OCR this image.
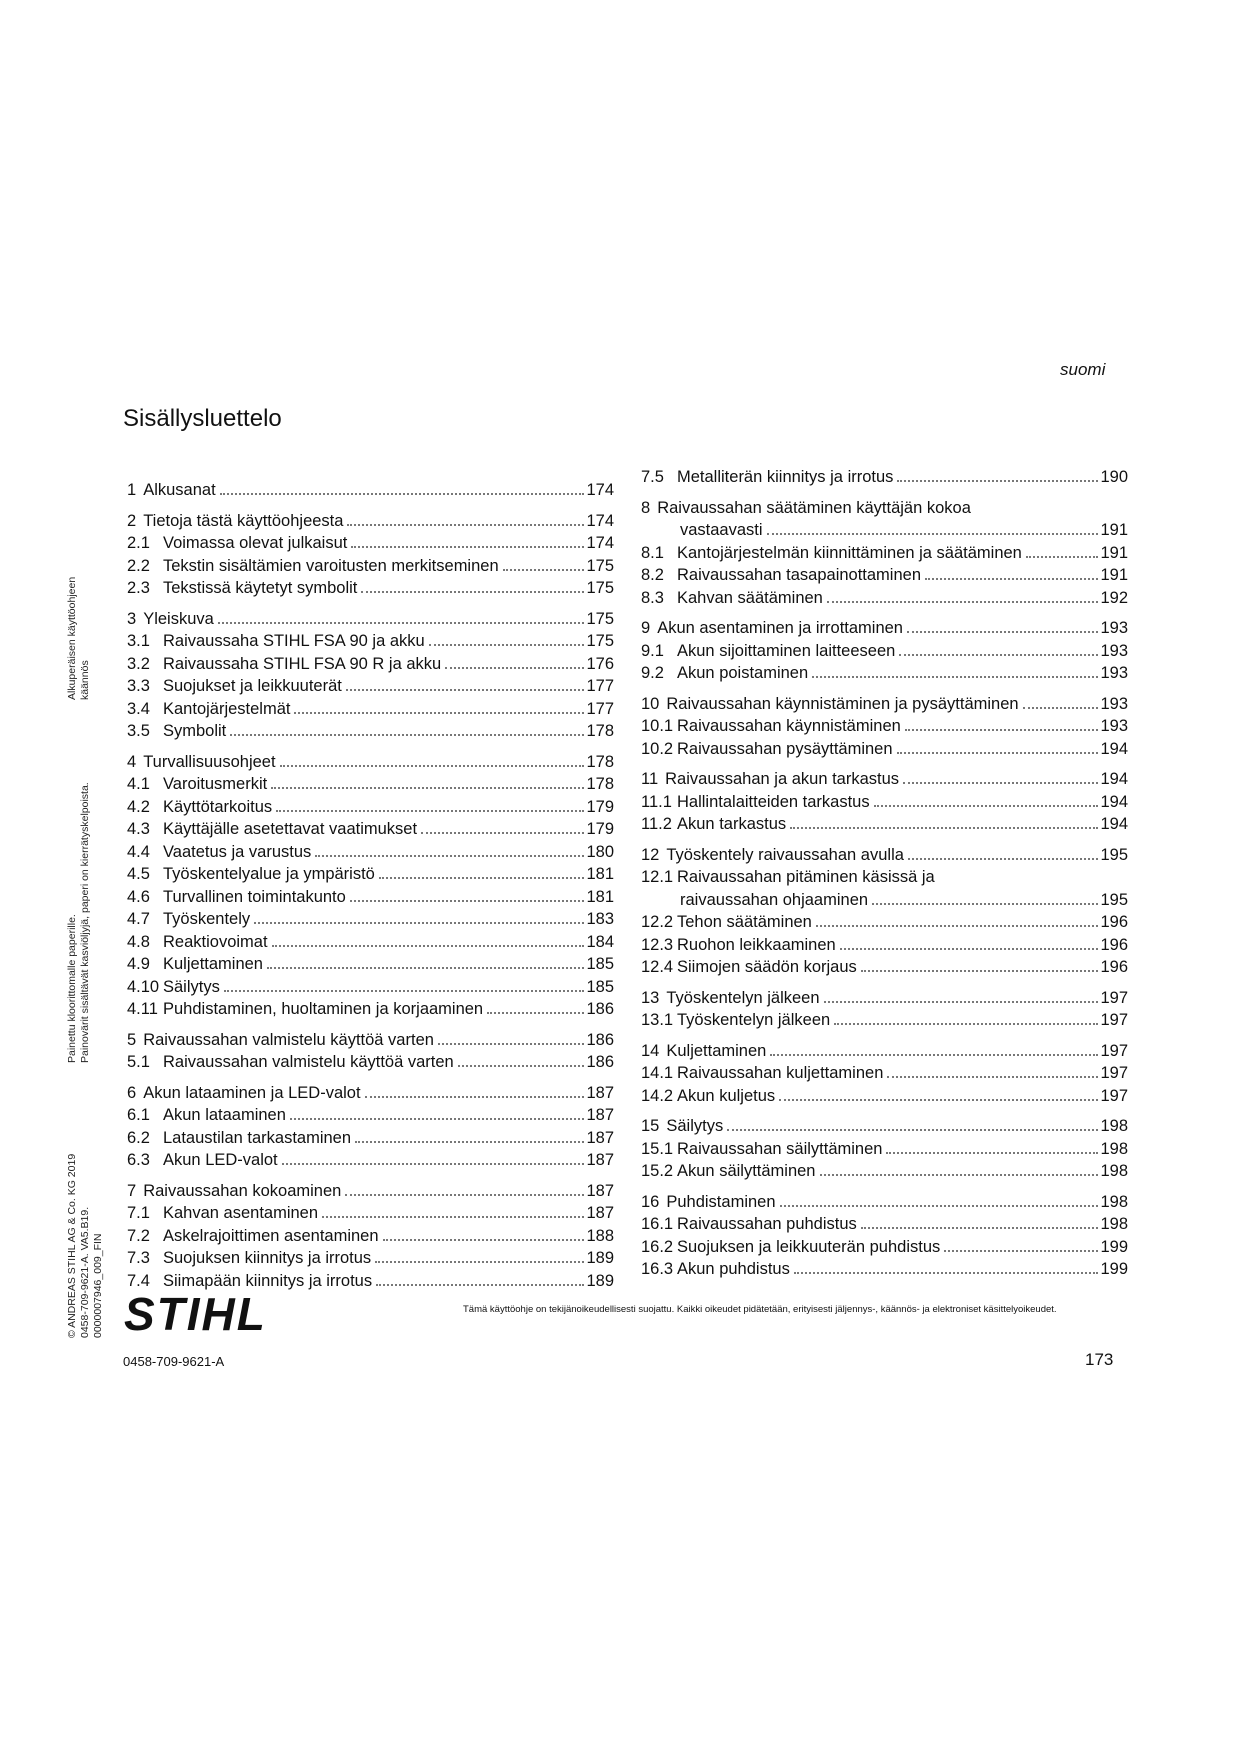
suomi
Sisällysluettelo
1 Alkusanat	174
2 Tietoja tästä käyttöohjeesta	174
2.1 Voimassa olevat julkaisut	174
2.2 Tekstin sisältämien varoitusten merkitseminen	175
2.3 Tekstissä käytetyt symbolit	175
3 Yleiskuva	175
3.1 Raivaussaha STIHL FSA 90 ja akku	175
3.2 Raivaussaha STIHL FSA 90 R ja akku	176
3.3 Suojukset ja leikkuuterät	177
3.4 Kantojärjestelmät	177
3.5 Symbolit	178
4 Turvallisuusohjeet	178
4.1 Varoitusmerkit	178
4.2 Käyttötarkoitus	179
4.3 Käyttäjälle asetettavat vaatimukset	179
4.4 Vaatetus ja varustus	180
4.5 Työskentelyalue ja ympäristö	181
4.6 Turvallinen toimintakunto	181
4.7 Työskentely	183
4.8 Reaktiovoimat	184
4.9 Kuljettaminen	185
4.10 Säilytys	185
4.11 Puhdistaminen, huoltaminen ja korjaaminen	186
5 Raivaussahan valmistelu käyttöä varten	186
5.1 Raivaussahan valmistelu käyttöä varten	186
6 Akun lataaminen ja LED-valot	187
6.1 Akun lataaminen	187
6.2 Lataustilan tarkastaminen	187
6.3 Akun LED-valot	187
7 Raivaussahan kokoaminen	187
7.1 Kahvan asentaminen	187
7.2 Askelrajoittimen asentaminen	188
7.3 Suojuksen kiinnitys ja irrotus	189
7.4 Siimapään kiinnitys ja irrotus	189
7.5 Metalliterän kiinnitys ja irrotus	190
8 Raivaussahan säätäminen käyttäjän kokoa
vastaavasti	191
8.1 Kantojärjestelmän kiinnittäminen ja säätäminen	191
8.2 Raivaussahan tasapainottaminen	191
8.3 Kahvan säätäminen	192
9 Akun asentaminen ja irrottaminen	193
9.1 Akun sijoittaminen laitteeseen	193
9.2 Akun poistaminen	193
10 Raivaussahan käynnistäminen ja pysäyttäminen	193
10.1 Raivaussahan käynnistäminen	193
10.2 Raivaussahan pysäyttäminen	194
11 Raivaussahan ja akun tarkastus	194
11.1 Hallintalaitteiden tarkastus	194
11.2 Akun tarkastus	194
12 Työskentely raivaussahan avulla	195
12.1 Raivaussahan pitäminen käsissä ja
raivaussahan ohjaaminen	195
12.2 Tehon säätäminen	196
12.3 Ruohon leikkaaminen	196
12.4 Siimojen säädön korjaus	196
13 Työskentelyn jälkeen	197
13.1 Työskentelyn jälkeen	197
14 Kuljettaminen	197
14.1 Raivaussahan kuljettaminen	197
14.2 Akun kuljetus	197
15 Säilytys	198
15.1 Raivaussahan säilyttäminen	198
15.2 Akun säilyttäminen	198
16 Puhdistaminen	198
16.1 Raivaussahan puhdistus	198
16.2 Suojuksen ja leikkuuterän puhdistus	199
16.3 Akun puhdistus	199
© ANDREAS STIHL AG & Co. KG 2019 0458-709-9621-A. VA5.B19. 0000007946_009_FIN
Painettu klooritt​omalle paperille. Painovärit sisältävät kasviöljyjä, paperi on kierrätyskelpoista.
Alkuperäisen käyttöohjeen käännös
STIHL	Tämä käyttöohje on tekijänoikeudellisesti suojattu. Kaikki oikeudet pidätetään, erityisesti jäljennys-, käännös- ja elektroniset käsittelyoikeudet.
0458-709-9621-A	173
